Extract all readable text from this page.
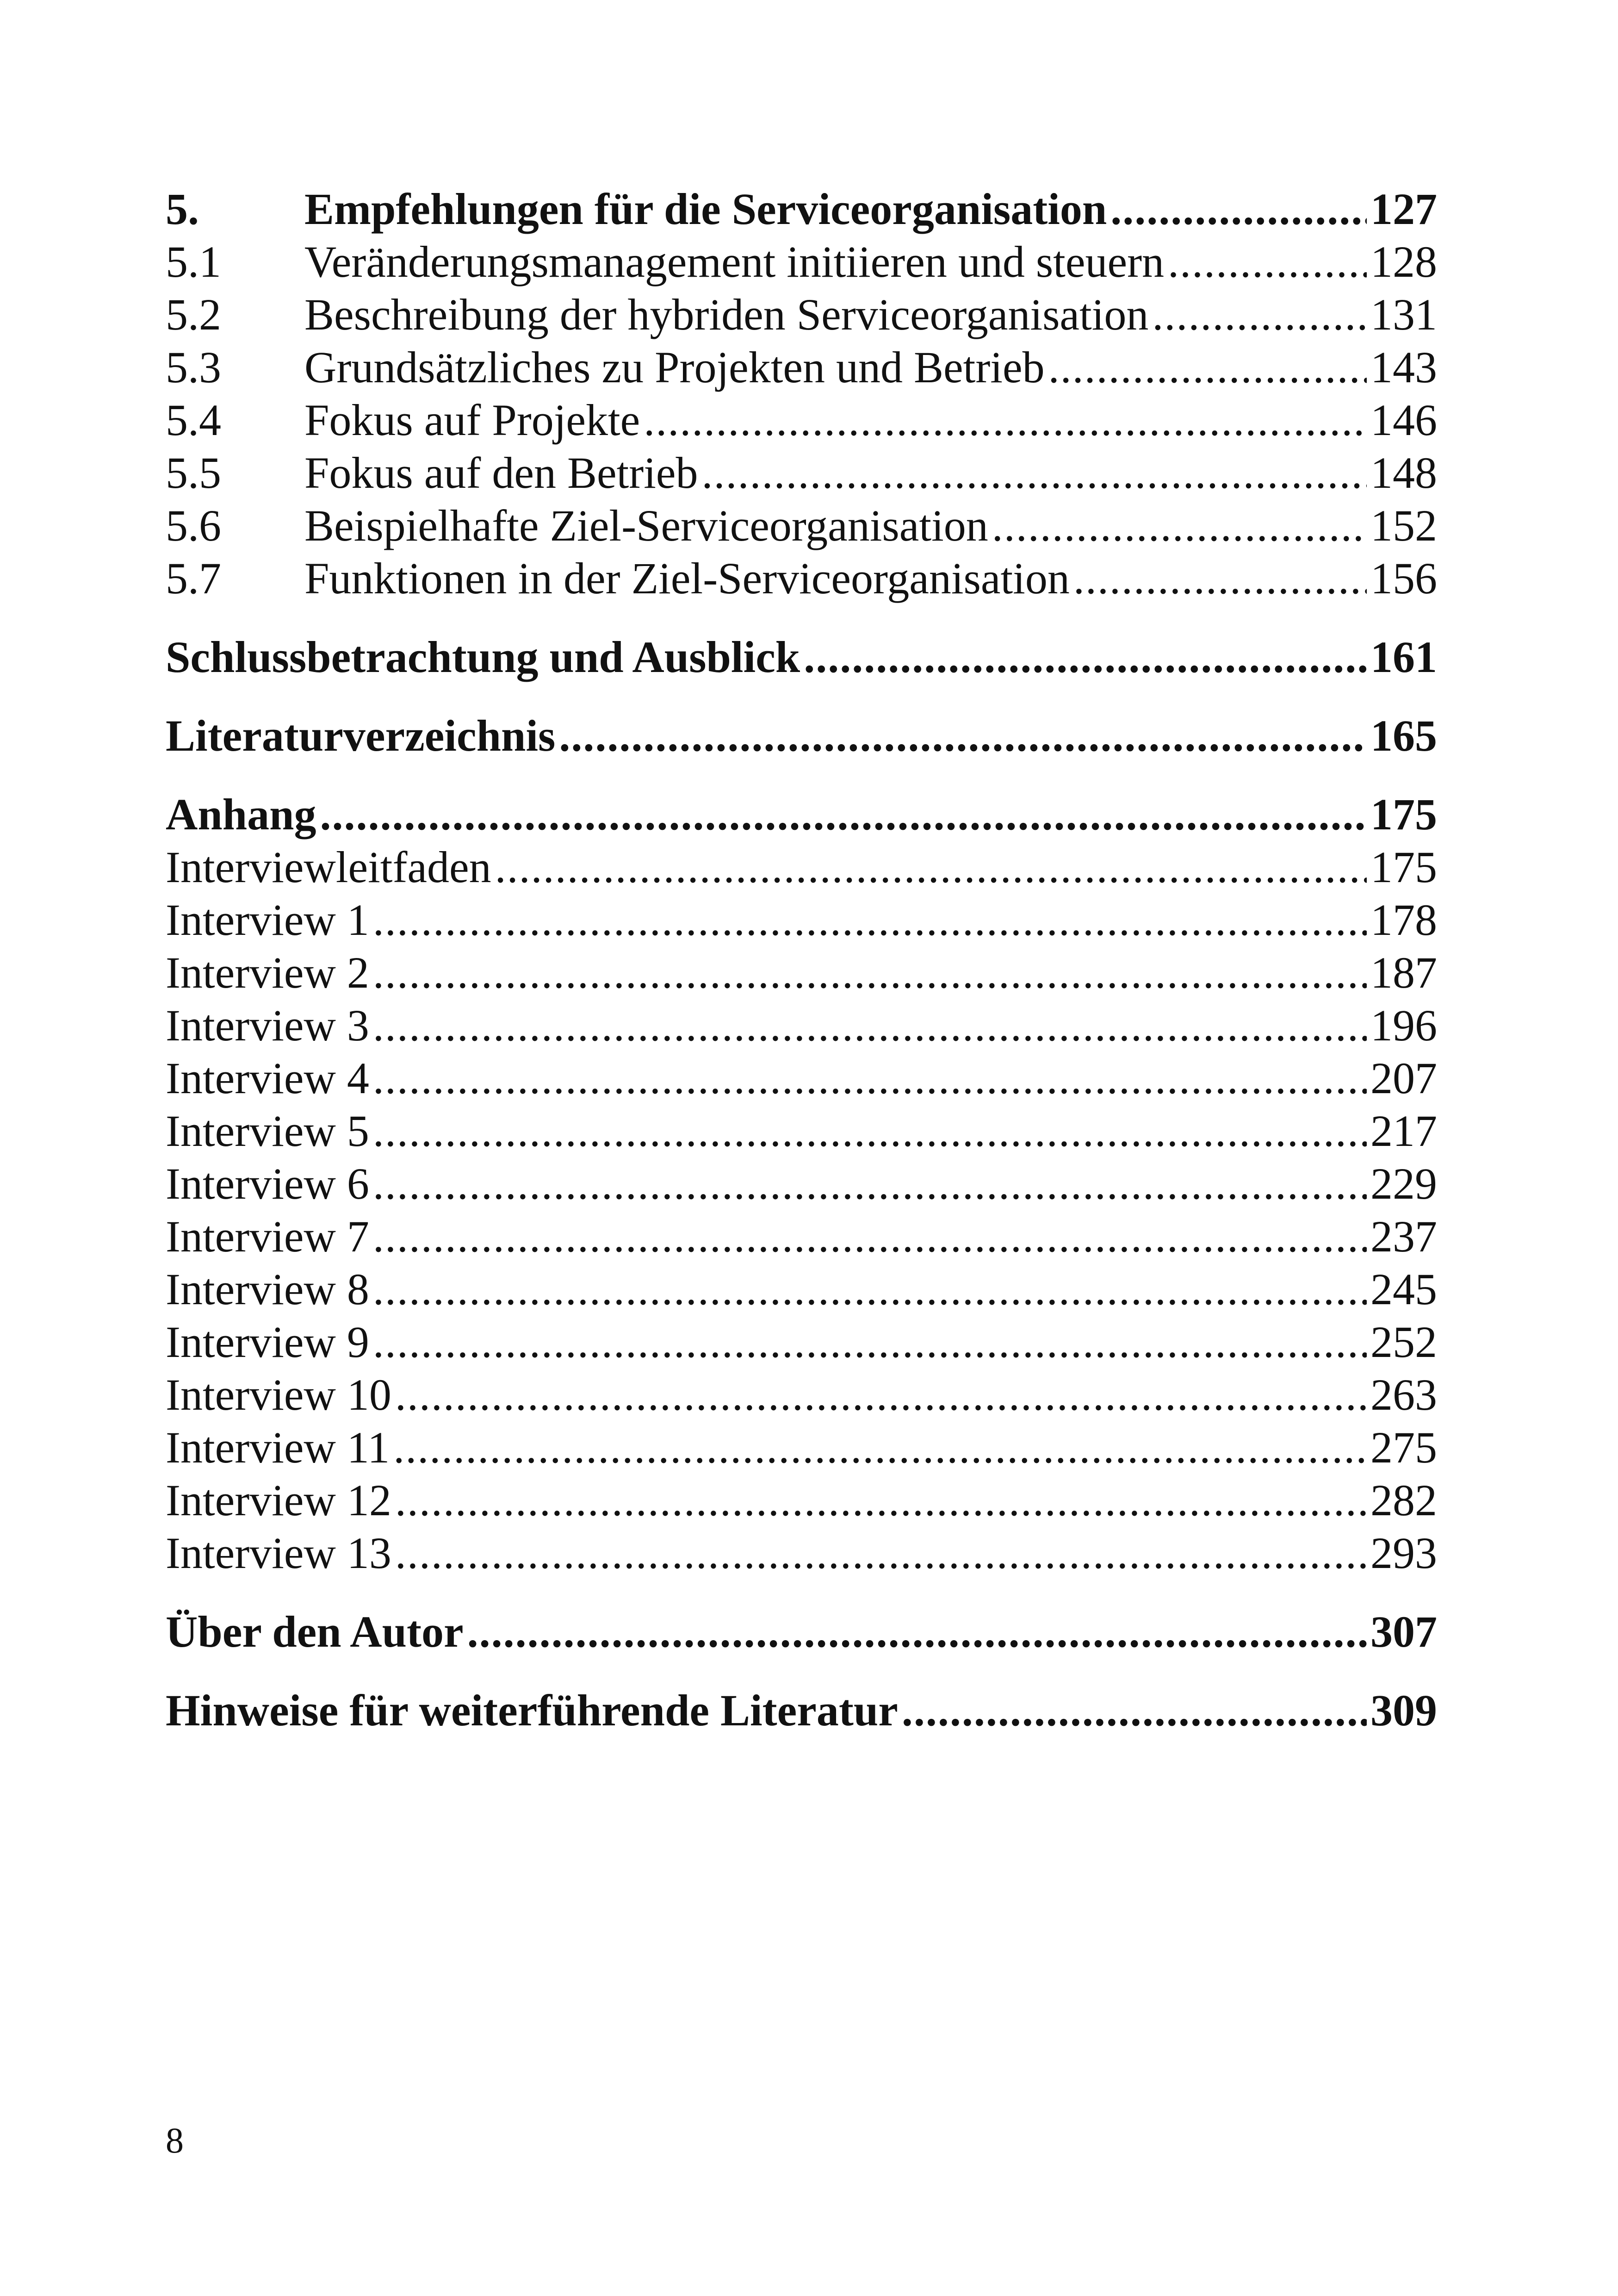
5.	Empfehlungen für die Serviceorganisation .....	127
5.1	Veränderungsmanagement initiieren und steuern .....	128
5.2	Beschreibung der hybriden Serviceorganisation .....	131
5.3	Grundsätzliches zu Projekten und Betrieb .....	143
5.4	Fokus auf Projekte .....	146
5.5	Fokus auf den Betrieb .....	148
5.6	Beispielhafte Ziel-Serviceorganisation .....	152
5.7	Funktionen in der Ziel-Serviceorganisation .....	156
Schlussbetrachtung und Ausblick .....	161
Literaturverzeichnis .....	165
Anhang .....	175
Interviewleitfaden .....	175
Interview 1 .....	178
Interview 2 .....	187
Interview 3 .....	196
Interview 4 .....	207
Interview 5 .....	217
Interview 6 .....	229
Interview 7 .....	237
Interview 8 .....	245
Interview 9 .....	252
Interview 10 .....	263
Interview 11 .....	275
Interview 12 .....	282
Interview 13 .....	293
Über den Autor .....	307
Hinweise für weiterführende Literatur .....	309
8
